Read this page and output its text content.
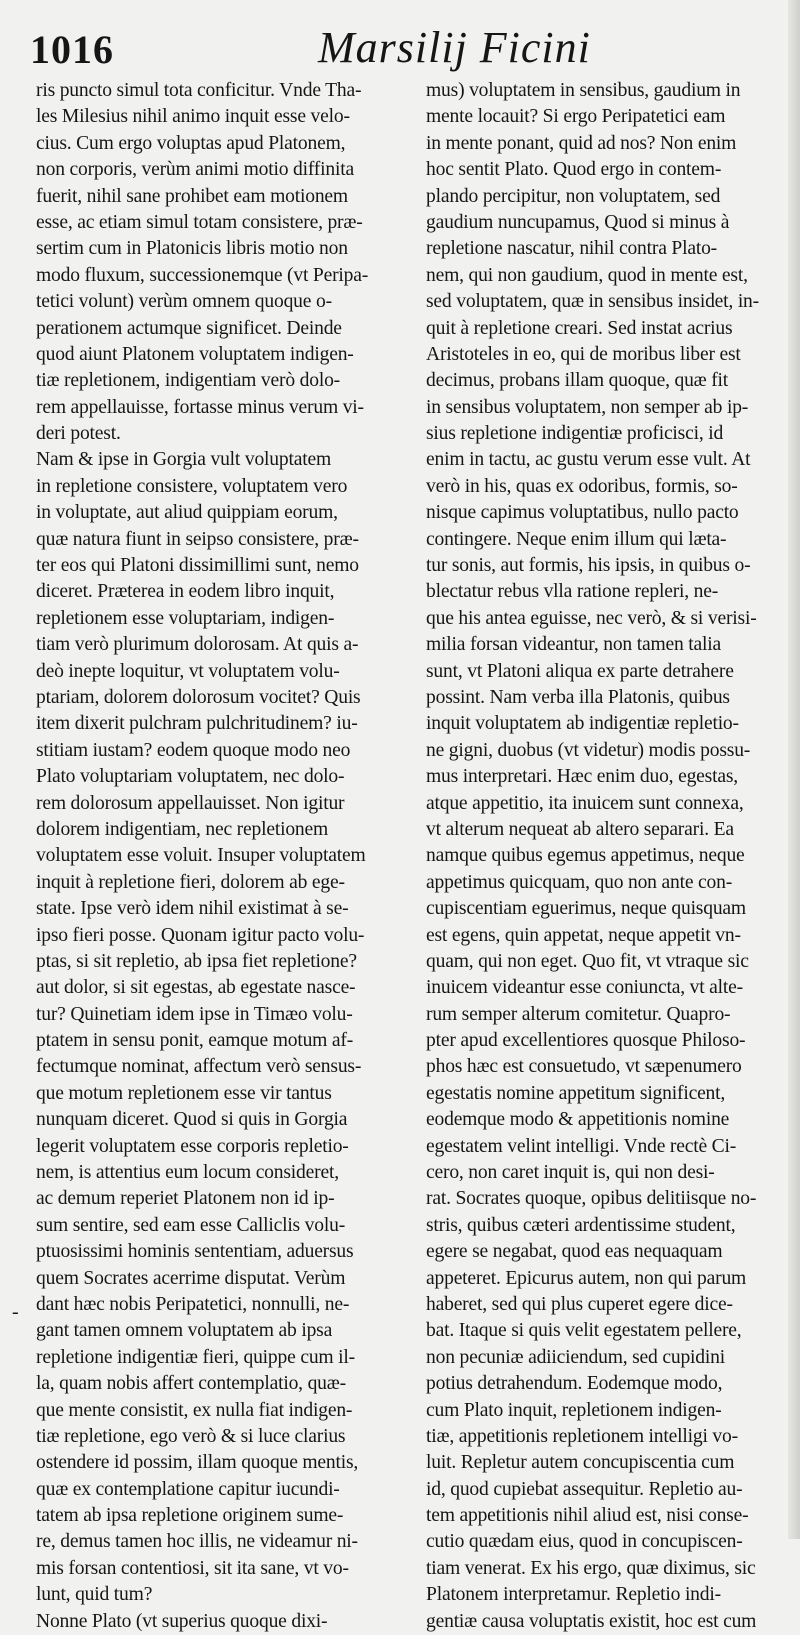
1016	Marsilij Ficini
ris puncto simul tota conficitur. Vnde Tha-
les Milesius nihil animo inquit esse velo-
cius. Cum ergo voluptas apud Platonem,
non corporis, verùm animi motio diffinita
fuerit, nihil sane prohibet eam motionem
esse, ac etiam simul totam consistere, præ-
sertim cum in Platonicis libris motio non
modo fluxum, successionemque (vt Peripa-
tetici volunt) verùm omnem quoque o-
perationem actumque significet. Deinde
quod aiunt Platonem voluptatem indigen-
tiæ repletionem, indigentiam verò dolo-
rem appellauisse, fortasse minus verum vi-
deri potest.
Nam & ipse in Gorgia vult voluptatem
in repletione consistere, voluptatem vero
in voluptate, aut aliud quippiam eorum,
quæ natura fiunt in seipso consistere, præ-
ter eos qui Platoni dissimillimi sunt, nemo
diceret. Præterea in eodem libro inquit,
repletionem esse voluptariam, indigen-
tiam verò plurimum dolorosam. At quis a-
deò inepte loquitur, vt voluptatem volu-
ptariam, dolorem dolorosum vocitet? Quis
item dixerit pulchram pulchritudinem? iu-
stitiam iustam? eodem quoque modo neo
Plato voluptariam voluptatem, nec dolo-
rem dolorosum appellauisset. Non igitur
dolorem indigentiam, nec repletionem
voluptatem esse voluit. Insuper voluptatem
inquit à repletione fieri, dolorem ab ege-
state. Ipse verò idem nihil existimat à se-
ipso fieri posse. Quonam igitur pacto volu-
ptas, si sit repletio, ab ipsa fiet repletione?
aut dolor, si sit egestas, ab egestate nasce-
tur? Quinetiam idem ipse in Timæo volu-
ptatem in sensu ponit, eamque motum af-
fectumque nominat, affectum verò sensus-
que motum repletionem esse vir tantus
nunquam diceret. Quod si quis in Gorgia
legerit voluptatem esse corporis repletio-
nem, is attentius eum locum consideret,
ac demum reperiet Platonem non id ip-
sum sentire, sed eam esse Calliclis volu-
ptuosissimi hominis sententiam, aduersus
quem Socrates acerrime disputat. Verùm
dant hæc nobis Peripatetici, nonnulli, ne-
gant tamen omnem voluptatem ab ipsa
repletione indigentiæ fieri, quippe cum il-
la, quam nobis affert contemplatio, quæ-
que mente consistit, ex nulla fiat indigen-
tiæ repletione, ego verò & si luce clarius
ostendere id possim, illam quoque mentis,
quæ ex contemplatione capitur iucundi-
tatem ab ipsa repletione originem sume-
re, demus tamen hoc illis, ne videamur ni-
mis forsan contentiosi, sit ita sane, vt vo-
lunt, quid tum?
Nonne Plato (vt superius quoque dixi-
mus) voluptatem in sensibus, gaudium in
mente locauit? Si ergo Peripatetici eam
in mente ponant, quid ad nos? Non enim
hoc sentit Plato. Quod ergo in contem-
plando percipitur, non voluptatem, sed
gaudium nuncupamus, Quod si minus à
repletione nascatur, nihil contra Plato-
nem, qui non gaudium, quod in mente est,
sed voluptatem, quæ in sensibus insidet, in-
quit à repletione creari. Sed instat acrius
Aristoteles in eo, qui de moribus liber est
decimus, probans illam quoque, quæ fit
in sensibus voluptatem, non semper ab ip-
sius repletione indigentiæ proficisci, id
enim in tactu, ac gustu verum esse vult. At
verò in his, quas ex odoribus, formis, so-
nisque capimus voluptatibus, nullo pacto
contingere. Neque enim illum qui læta-
tur sonis, aut formis, his ipsis, in quibus o-
blectatur rebus vlla ratione repleri, ne-
que his antea eguisse, nec verò, & si verisi-
milia forsan videantur, non tamen talia
sunt, vt Platoni aliqua ex parte detrahere
possint. Nam verba illa Platonis, quibus
inquit voluptatem ab indigentiæ repletio-
ne gigni, duobus (vt videtur) modis possu-
mus interpretari. Hæc enim duo, egestas,
atque appetitio, ita inuicem sunt connexa,
vt alterum nequeat ab altero separari. Ea
namque quibus egemus appetimus, neque
appetimus quicquam, quo non ante con-
cupiscentiam eguerimus, neque quisquam
est egens, quin appetat, neque appetit vn-
quam, qui non eget. Quo fit, vt vtraque sic
inuicem videantur esse coniuncta, vt alte-
rum semper alterum comitetur. Quapro-
pter apud excellentiores quosque Philoso-
phos hæc est consuetudo, vt sæpenumero
egestatis nomine appetitum significent,
eodemque modo & appetitionis nomine
egestatem velint intelligi. Vnde rectè Ci-
cero, non caret inquit is, qui non desi-
rat. Socrates quoque, opibus delitiisque no-
stris, quibus cæteri ardentissime student,
egere se negabat, quod eas nequaquam
appeteret. Epicurus autem, non qui parum
haberet, sed qui plus cuperet egere dice-
bat. Itaque si quis velit egestatem pellere,
non pecuniæ adiiciendum, sed cupidini
potius detrahendum. Eodemque modo,
cum Plato inquit, repletionem indigen-
tiæ, appetitionis repletionem intelligi vo-
luit. Repletur autem concupiscentia cum
id, quod cupiebat assequitur. Repletio au-
tem appetitionis nihil aliud est, nisi conse-
cutio quædam eius, quod in concupiscen-
tiam venerat. Ex his ergo, quæ diximus, sic
Platonem interpretamur. Repletio indi-
gentiæ causa voluptatis existit, hoc est cum
-
